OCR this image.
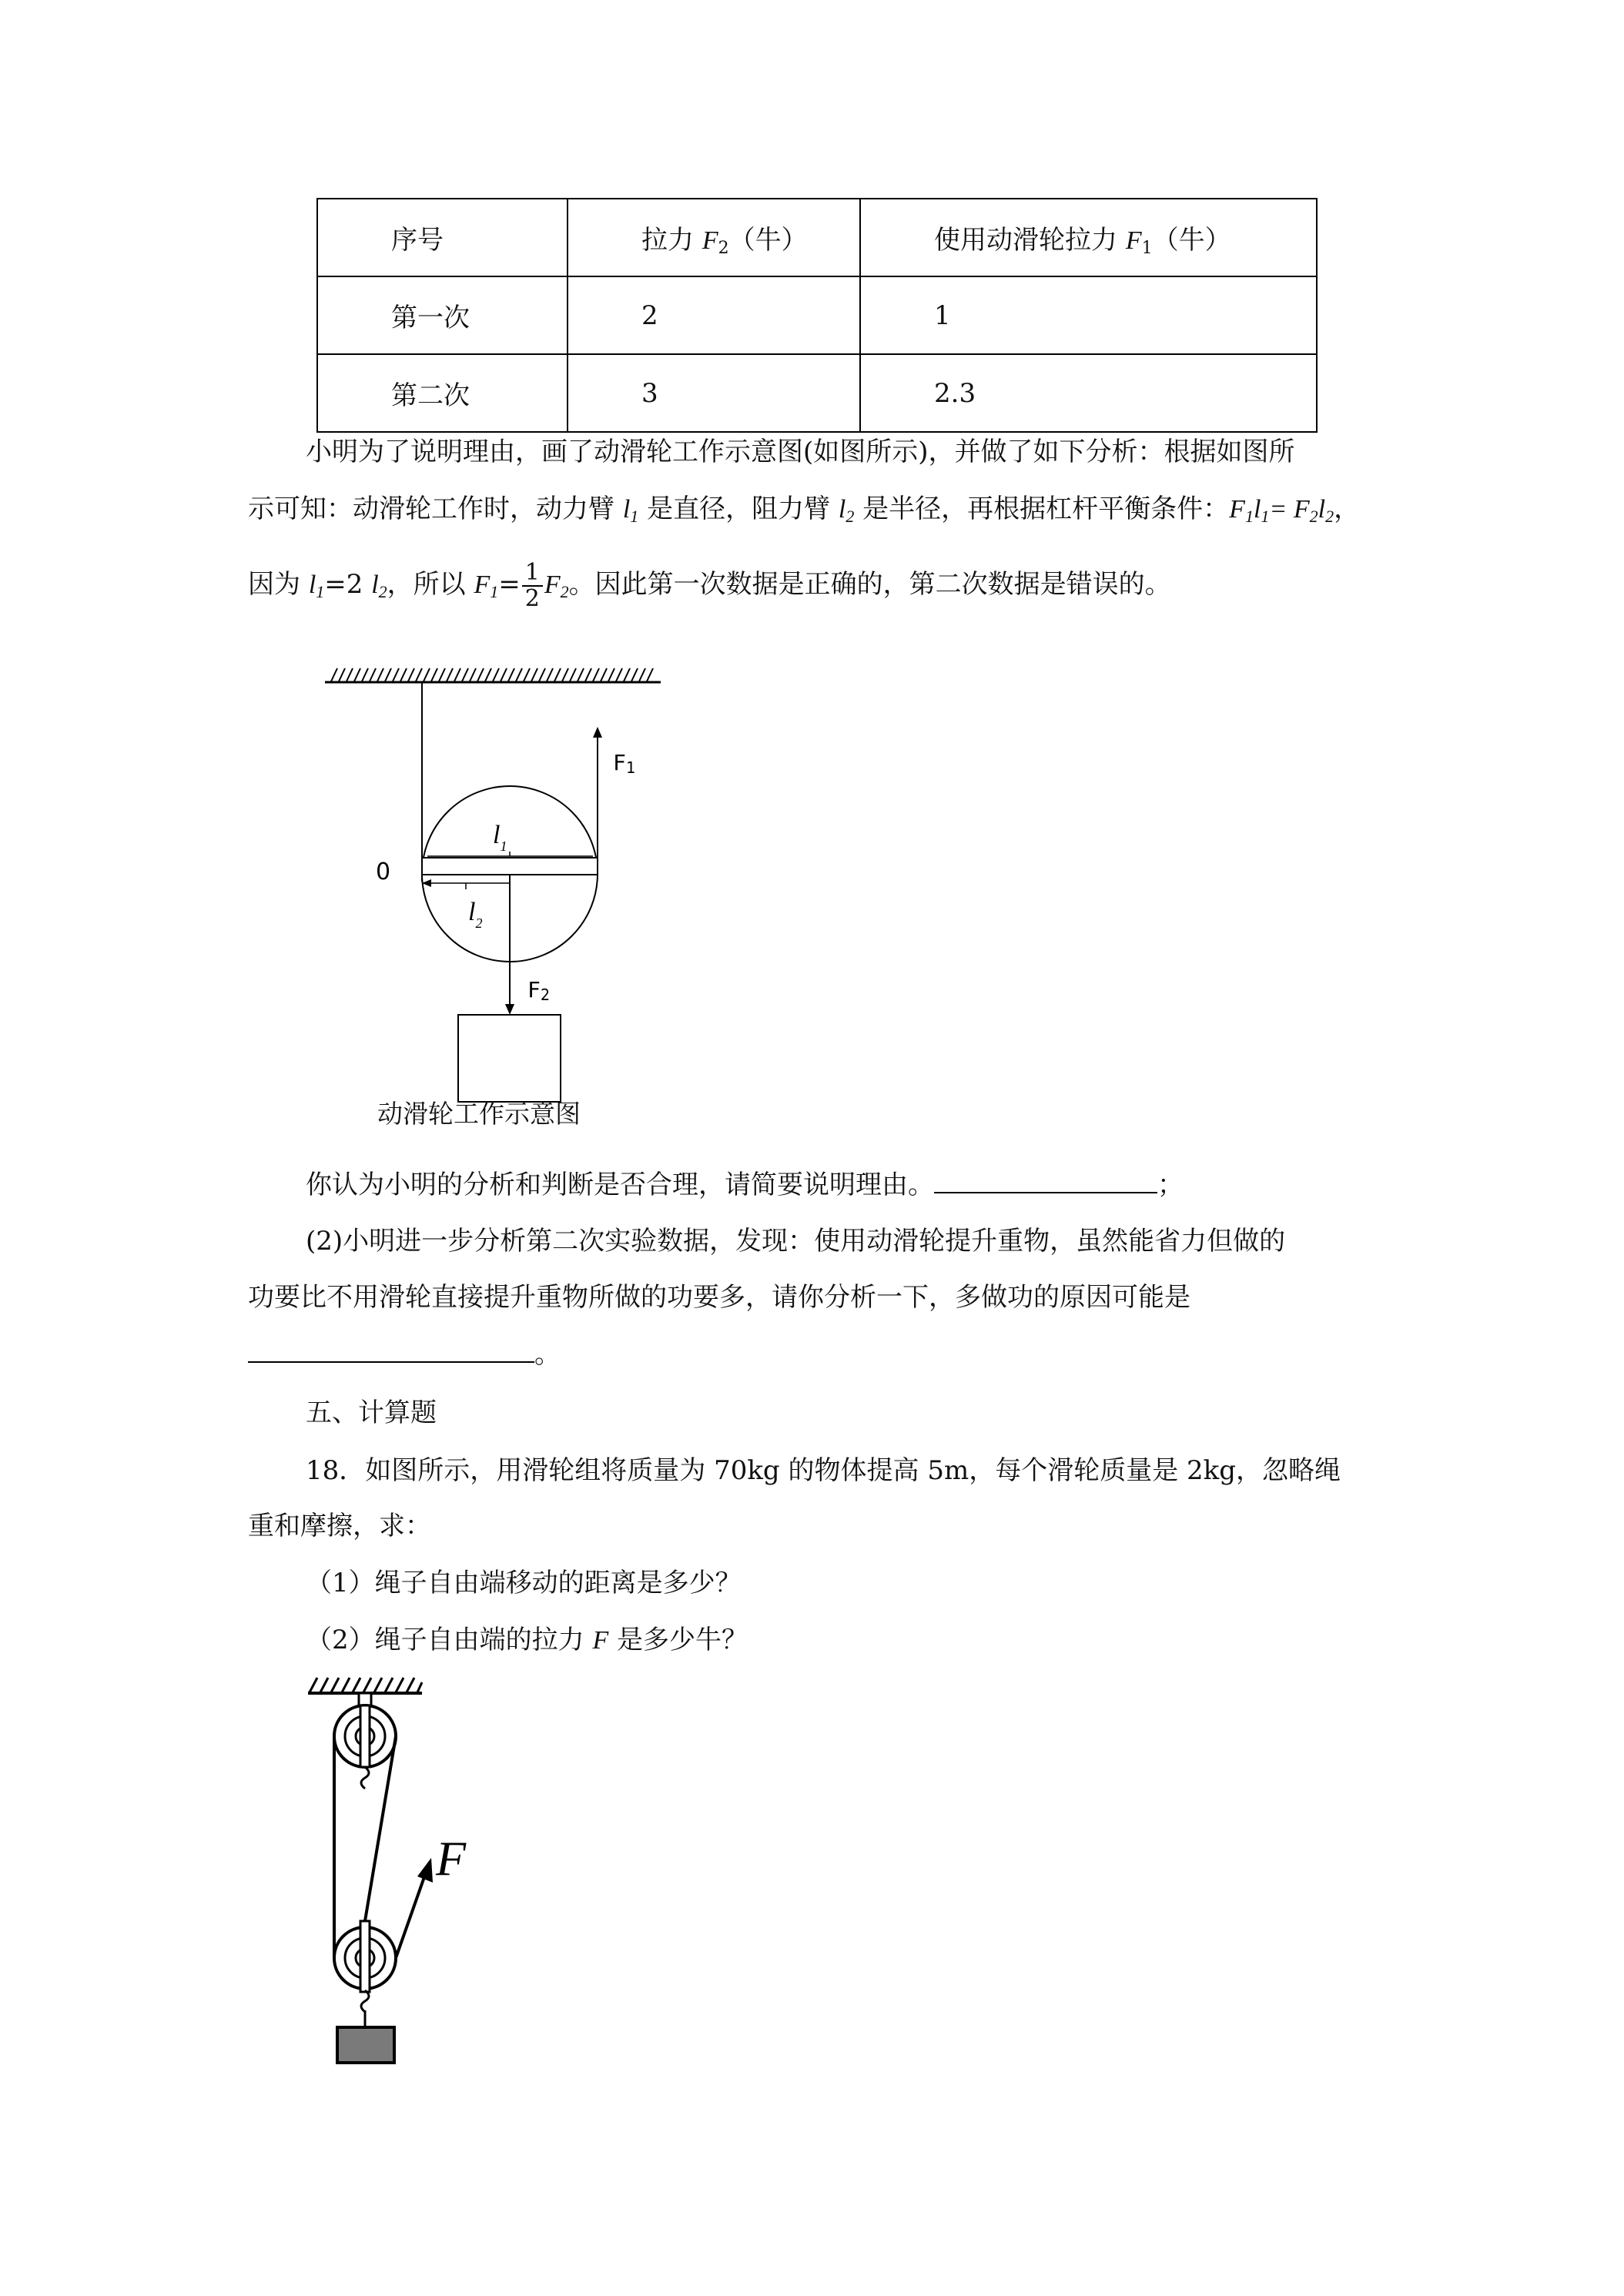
序号	拉力 $F_2$（牛）	使用动滑轮拉力 $F_1$（牛）
第一次	2	1
第二次	3	2.3
小明为了说明理由，画了动滑轮工作示意图(如图所示)，并做了如下分析：根据如图所
示可知：动滑轮工作时，动力臂 $l_1$ 是直径，阻力臂 $l_2$ 是半径，再根据杠杆平衡条件：$F_1l_1= F_2l_2$，
因为 $l_1=2$ $l_2$，所以 $F_1= \frac{1}{2} F_2$。因此第一次数据是正确的，第二次数据是错误的。
0
F1
$l_1$
$l_2$
F2
动滑轮工作示意图
你认为小明的分析和判断是否合理，请简要说明理由。	；
(2)小明进一步分析第二次实验数据，发现：使用动滑轮提升重物，虽然能省力但做的
功要比不用滑轮直接提升重物所做的功要多，请你分析一下，多做功的原因可能是
。
五、计算题
18．如图所示，用滑轮组将质量为 70kg 的物体提高 5m，每个滑轮质量是 2kg，忽略绳
重和摩擦，求：
（1）绳子自由端移动的距离是多少？
（2）绳子自由端的拉力 F 是多少牛？
F
